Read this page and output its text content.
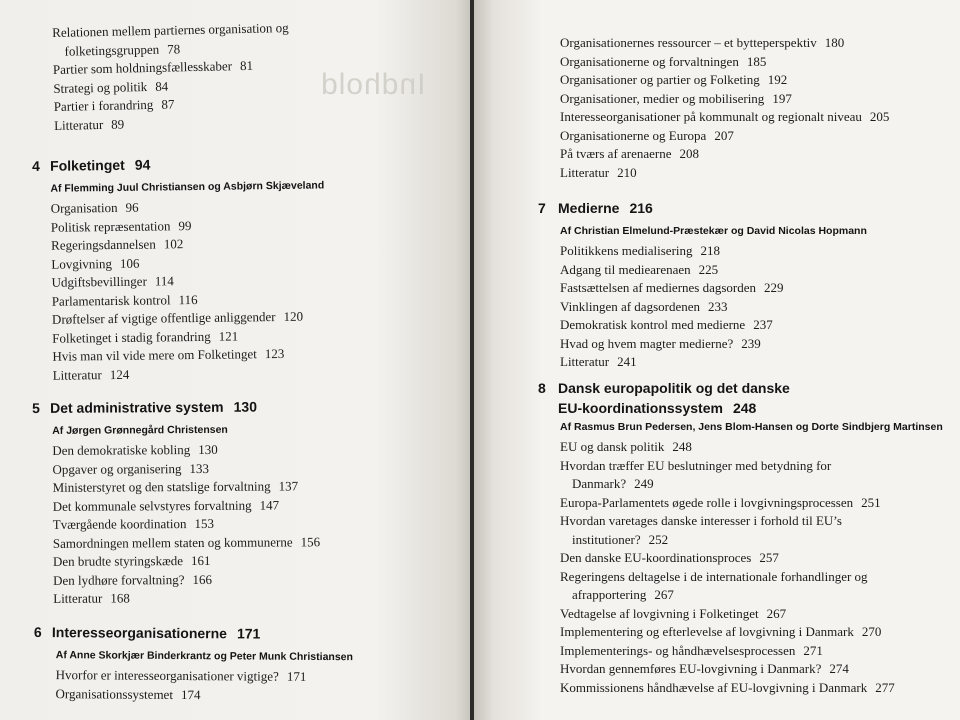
Indhold
Relationen mellem partiernes organisation og
folketingsgruppen 78
Partier som holdningsfællesskaber 81
Strategi og politik 84
Partier i forandring 87
Litteratur 89
4 Folketinget 94
Af Flemming Juul Christiansen og Asbjørn Skjæveland
Organisation 96
Politisk repræsentation 99
Regeringsdannelsen 102
Lovgivning 106
Udgiftsbevillinger 114
Parlamentarisk kontrol 116
Drøftelser af vigtige offentlige anliggender 120
Folketinget i stadig forandring 121
Hvis man vil vide mere om Folketinget 123
Litteratur 124
5 Det administrative system 130
Af Jørgen Grønnegård Christensen
Den demokratiske kobling 130
Opgaver og organisering 133
Ministerstyret og den statslige forvaltning 137
Det kommunale selvstyres forvaltning 147
Tværgående koordination 153
Samordningen mellem staten og kommunerne 156
Den brudte styringskæde 161
Den lydhøre forvaltning? 166
Litteratur 168
6 Interesseorganisationerne 171
Af Anne Skorkjær Binderkrantz og Peter Munk Christiansen
Hvorfor er interesseorganisationer vigtige? 171
Organisationssystemet 174
Organisationernes ressourcer – et bytteperspektiv 180
Organisationerne og forvaltningen 185
Organisationer og partier og Folketing 192
Organisationer, medier og mobilisering 197
Interesseorganisationer på kommunalt og regionalt niveau 205
Organisationerne og Europa 207
På tværs af arenaerne 208
Litteratur 210
7 Medierne 216
Af Christian Elmelund-Præstekær og David Nicolas Hopmann
Politikkens medialisering 218
Adgang til mediearenaen 225
Fastsættelsen af mediernes dagsorden 229
Vinklingen af dagsordenen 233
Demokratisk kontrol med medierne 237
Hvad og hvem magter medierne? 239
Litteratur 241
8 Dansk europapolitik og det danske
EU-koordinationssystem 248
Af Rasmus Brun Pedersen, Jens Blom-Hansen og Dorte Sindbjerg Martinsen
EU og dansk politik 248
Hvordan træffer EU beslutninger med betydning for
Danmark? 249
Europa-Parlamentets øgede rolle i lovgivningsprocessen 251
Hvordan varetages danske interesser i forhold til EU’s
institutioner? 252
Den danske EU-koordinationsproces 257
Regeringens deltagelse i de internationale forhandlinger og
afrapportering 267
Vedtagelse af lovgivning i Folketinget 267
Implementering og efterlevelse af lovgivning i Danmark 270
Implementerings- og håndhævelsesprocessen 271
Hvordan gennemføres EU-lovgivning i Danmark? 274
Kommissionens håndhævelse af EU-lovgivning i Danmark 277
